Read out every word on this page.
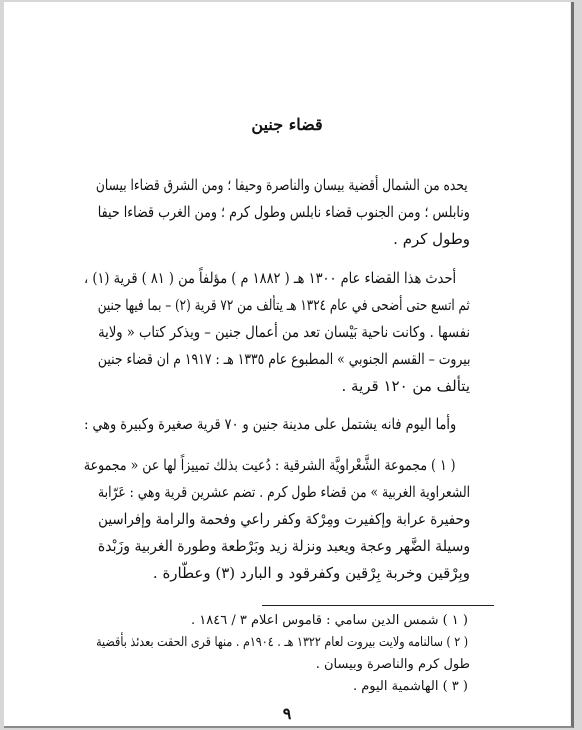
قضاء جنين
يحده من الشمال أقضية بيسان والناصرة وحيفا ؛ ومن الشرق قضاءا بيسان
ونابلس ؛ ومن الجنوب قضاء نابلس وطول كرم ؛ ومن الغرب قضاءا حيفا
وطول كرم .
أحدث هذا القضاء عام ١٣٠٠ هـ ( ١٨٨٢ م ) مؤلفاً من ( ٨١ ) قرية (١) ،
ثم اتسع حتى أضحى في عام ١٣٢٤ هـ يتألف من ٧٢ قرية (٢) – بما فيها جنين
نفسها . وكانت ناحية بَيْسان تعد من أعمال جنين – ويذكر كتاب « ولاية
بيروت – القسم الجنوبي » المطبوع عام ١٣٣٥ هـ : ١٩١٧ م ان قضاء جنين
يتألف من ١٢٠ قرية .
وأما اليوم فانه يشتمل على مدينة جنين و ٧٠ قرية صغيرة وكبيرة وهي :
( ١ ) مجموعة الشَّعْراويَّة الشرقية : دُعيت بذلك تمييزاً لها عن « مجموعة
الشعراوية الغربية » من قضاء طول كرم . تضم عشرين قرية وهي : عَرّابة
وحفيرة عرابة وإكفيرت ومِرْكة وكفر راعي وفحمة والرامة وإفراسين
وسيلة الضَّهر وعجة ويعبد ونزلة زيد وبَرْطعة وطورة الغربية وزَبْدة
وبِرْقين وخربة بِرْقين وكفرقود و البارد (٣) وعطّارة .
( ١ ) شمس الدين سامي : قاموس اعلام ٣ / ١٨٤٦ .
( ٢ ) سالنامه ولايت بيروت لعام ١٣٢٢ هـ . ١٩٠٤م . منها قرى الحقت بعدئذ بأقضية
طول كرم والناصرة وبيسان .
( ٣ ) الهاشمية اليوم .
٩
